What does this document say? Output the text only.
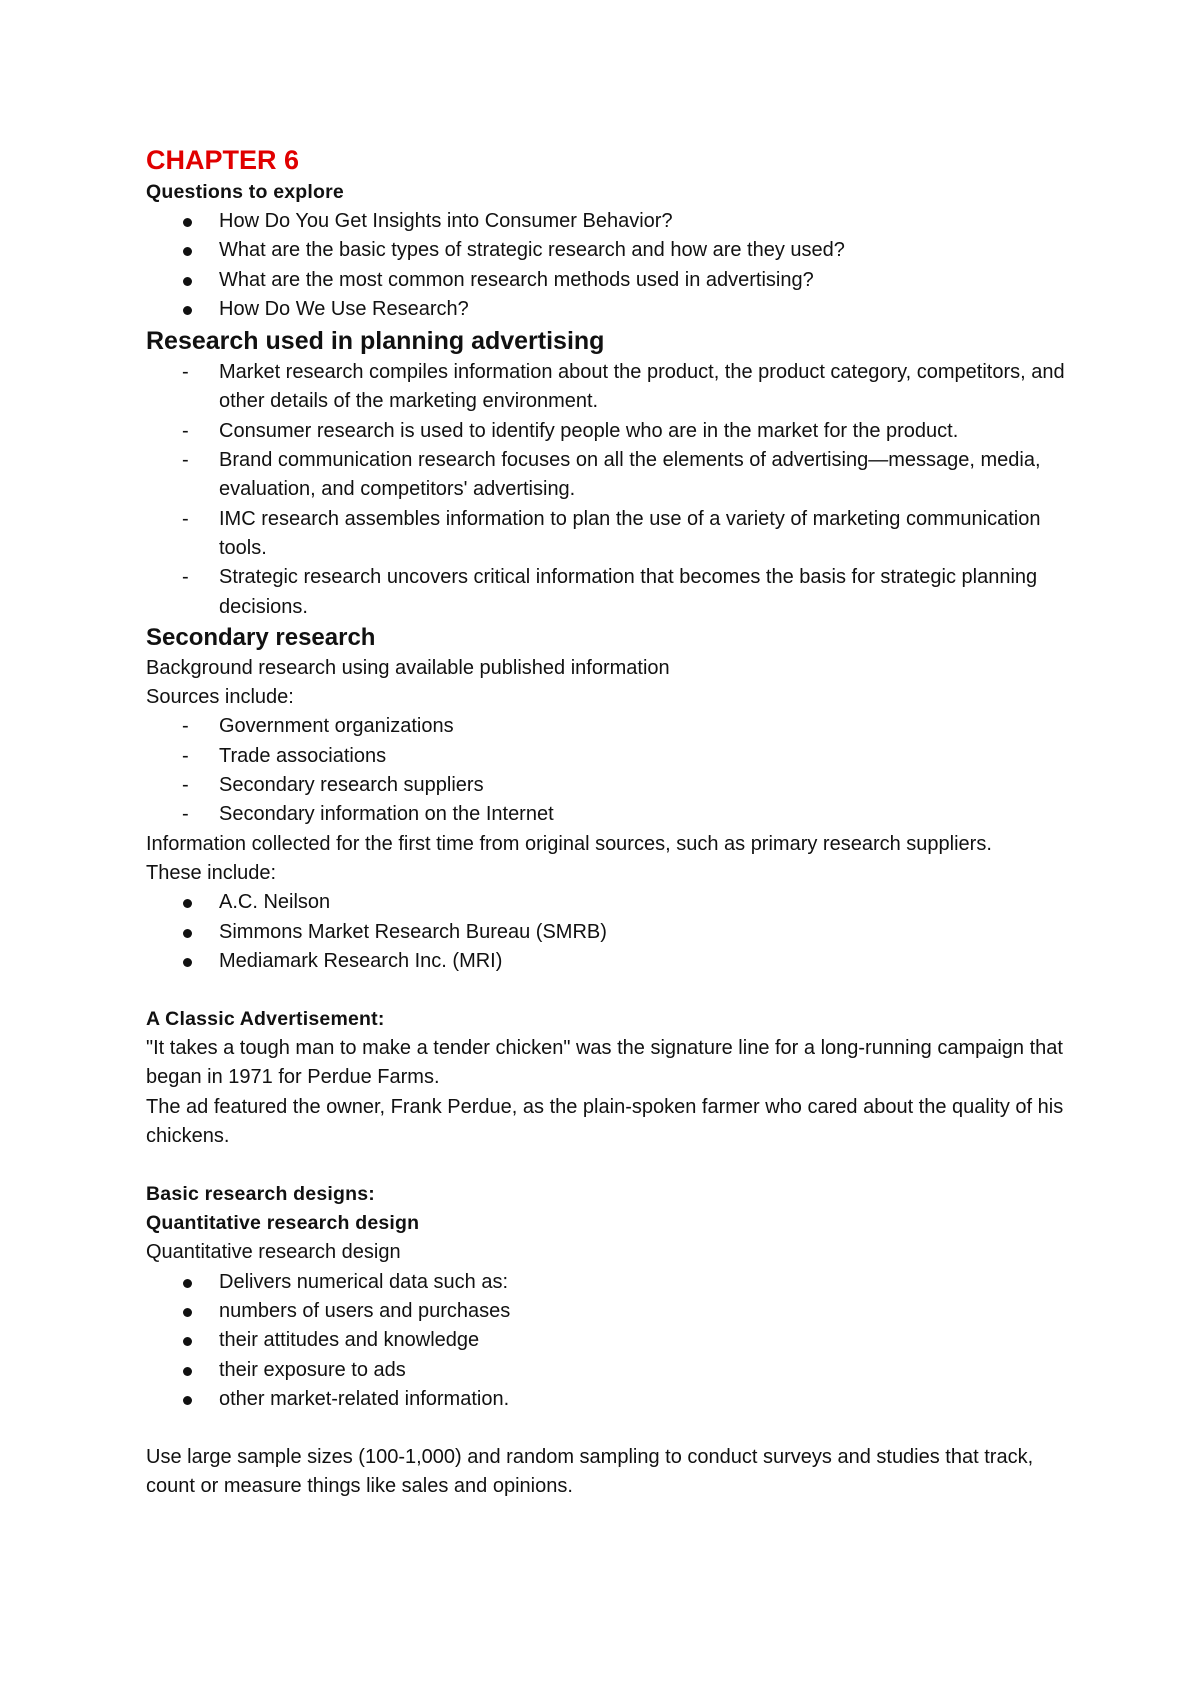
CHAPTER 6

Questions to explore

How Do You Get Insights into Consumer Behavior?
What are the basic types of strategic research and how are they used?
What are the most common research methods used in advertising?
How Do We Use Research?

Research used in planning advertising

-	Market research compiles information about the product, the product category, competitors, and other details of the marketing environment.
-	Consumer research is used to identify people who are in the market for the product.
-	Brand communication research focuses on all the elements of advertising—message, media, evaluation, and competitors' advertising.
-	IMC research assembles information to plan the use of a variety of marketing communication tools.
-	Strategic research uncovers critical information that becomes the basis for strategic planning decisions.

Secondary research

Background research using available published information

Sources include:

-	Government organizations
-	Trade associations
-	Secondary research suppliers
-	Secondary information on the Internet

Information collected for the first time from original sources, such as primary research suppliers.

These include:

A.C. Neilson
Simmons Market Research Bureau (SMRB)
Mediamark Research Inc. (MRI)

A Classic Advertisement:

"It takes a tough man to make a tender chicken" was the signature line for a long-running campaign that began in 1971 for Perdue Farms.

The ad featured the owner, Frank Perdue, as the plain-spoken farmer who cared about the quality of his chickens.

Basic research designs:

Quantitative research design

Quantitative research design

Delivers numerical data such as:
numbers of users and purchases
their attitudes and knowledge
their exposure to ads
other market-related information.

Use large sample sizes (100-1,000) and random sampling to conduct surveys and studies that track, count or measure things like sales and opinions.
